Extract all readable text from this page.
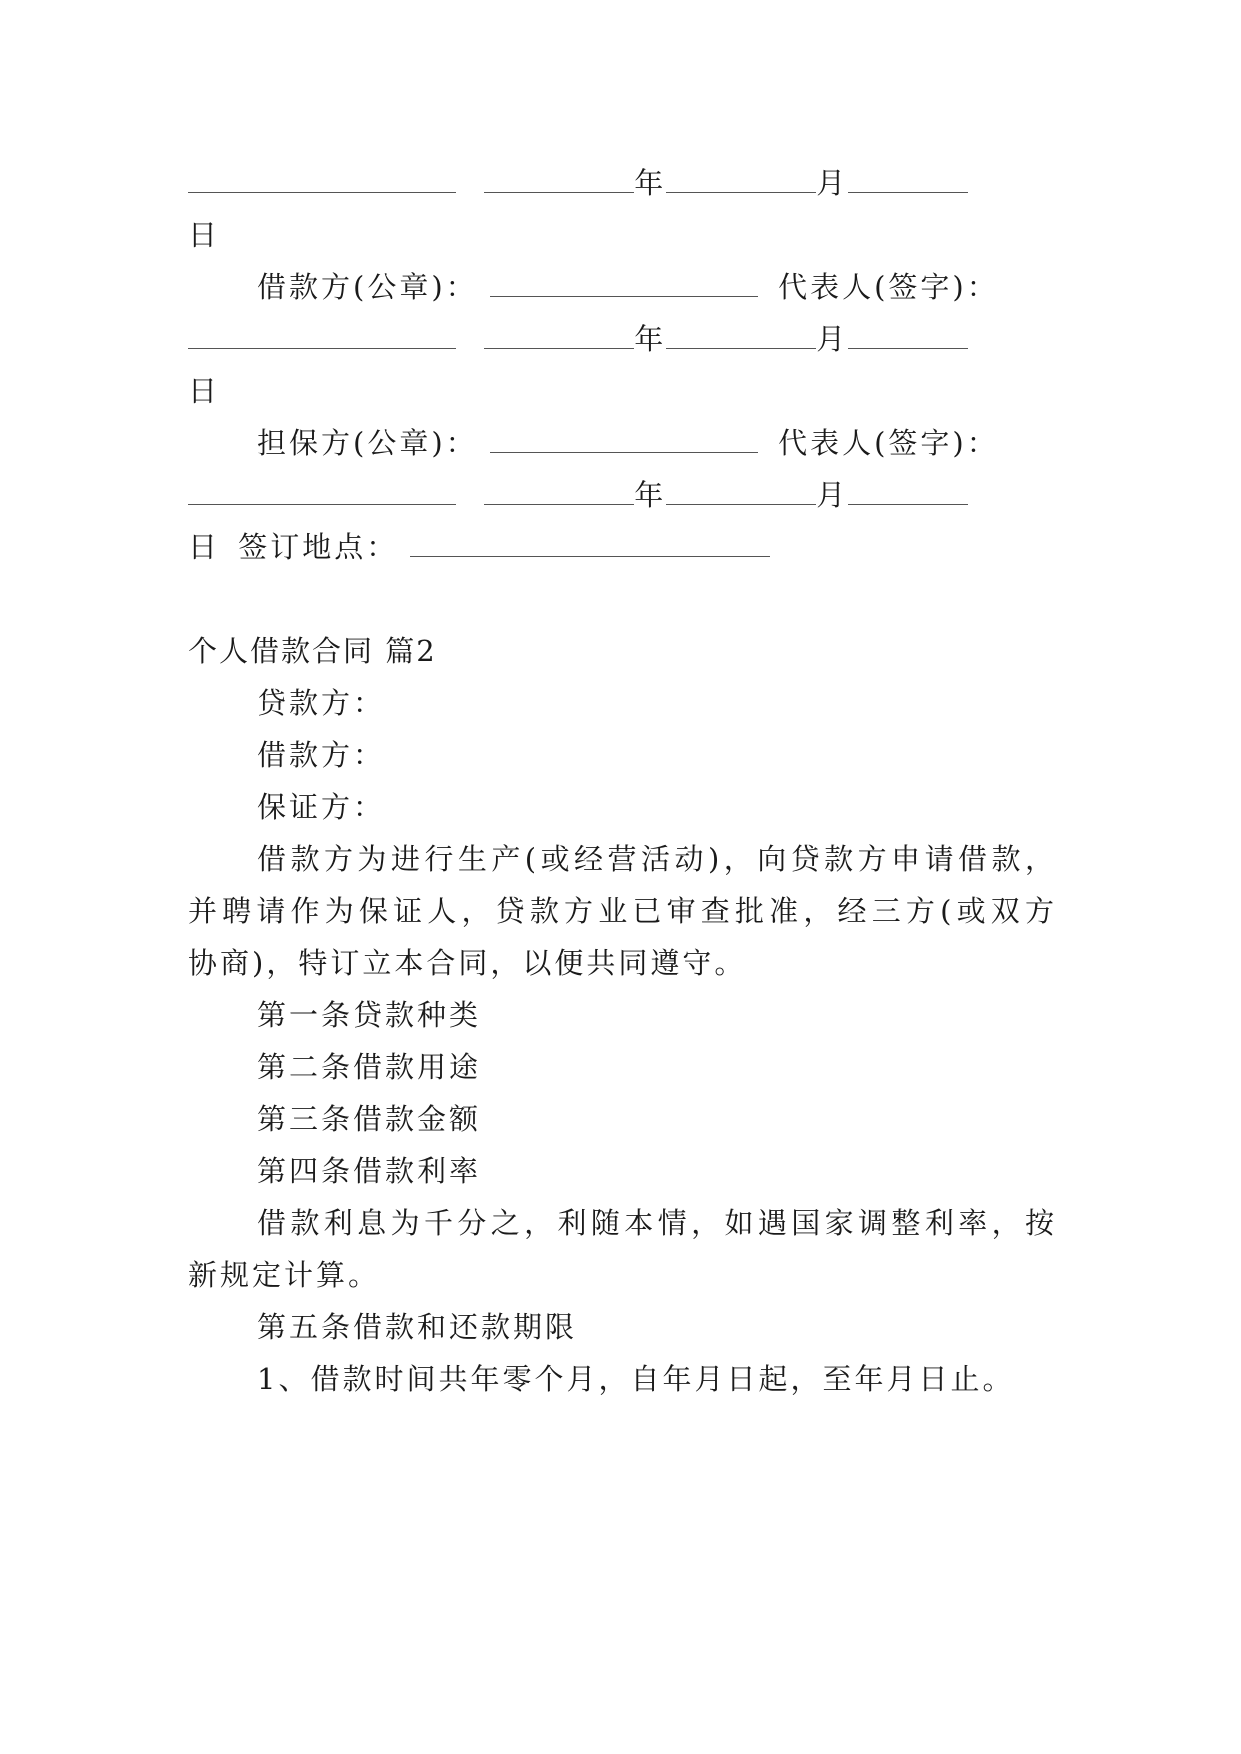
年	月
日
借款方(公章)：	代表人(签字)：
年	月
日
担保方(公章)：	代表人(签字)：
年	月
日 签订地点：
个人借款合同 篇2
贷款方：
借款方：
保证方：
借款方为进行生产(或经营活动)，向贷款方申请借款，
并聘请作为保证人，贷款方业已审查批准，经三方(或双方
协商)，特订立本合同，以便共同遵守。
第一条贷款种类
第二条借款用途
第三条借款金额
第四条借款利率
借款利息为千分之，利随本情，如遇国家调整利率，按
新规定计算。
第五条借款和还款期限
1、借款时间共年零个月，自年月日起，至年月日止。
